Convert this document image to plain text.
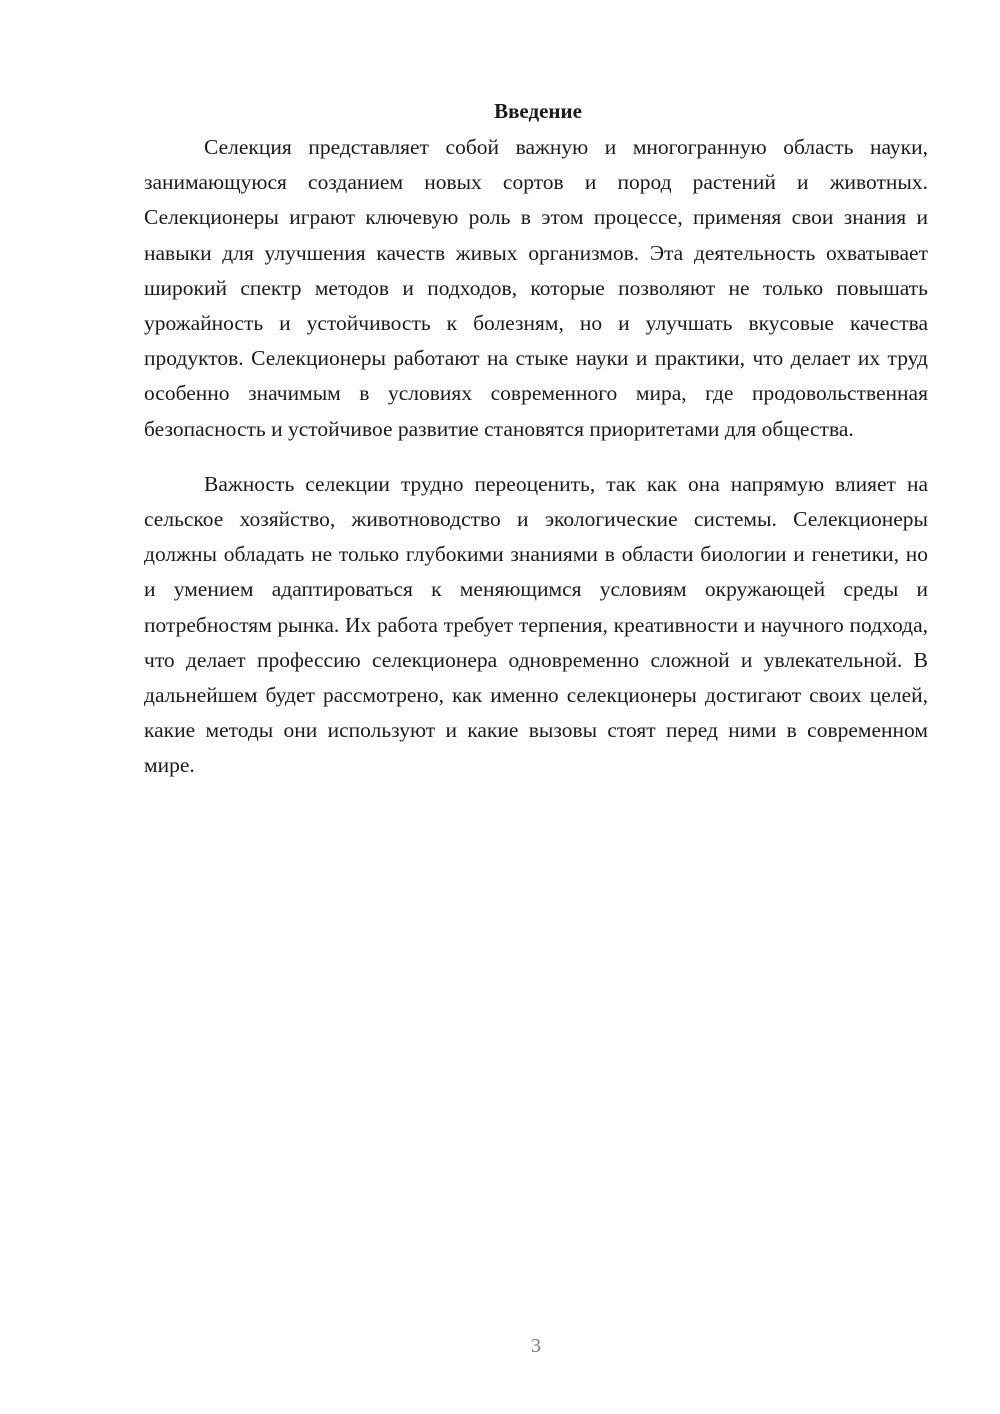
Введение

Селекция представляет собой важную и многогранную область науки, занимающуюся созданием новых сортов и пород растений и животных. Селекционеры играют ключевую роль в этом процессе, применяя свои знания и навыки для улучшения качеств живых организмов. Эта деятельность охватывает широкий спектр методов и подходов, которые позволяют не только повышать урожайность и устойчивость к болезням, но и улучшать вкусовые качества продуктов. Селекционеры работают на стыке науки и практики, что делает их труд особенно значимым в условиях современного мира, где продовольственная безопасность и устойчивое развитие становятся приоритетами для общества.

Важность селекции трудно переоценить, так как она напрямую влияет на сельское хозяйство, животноводство и экологические системы. Селекционеры должны обладать не только глубокими знаниями в области биологии и генетики, но и умением адаптироваться к меняющимся условиям окружающей среды и потребностям рынка. Их работа требует терпения, креативности и научного подхода, что делает профессию селекционера одновременно сложной и увлекательной. В дальнейшем будет рассмотрено, как именно селекционеры достигают своих целей, какие методы они используют и какие вызовы стоят перед ними в современном мире.

3
